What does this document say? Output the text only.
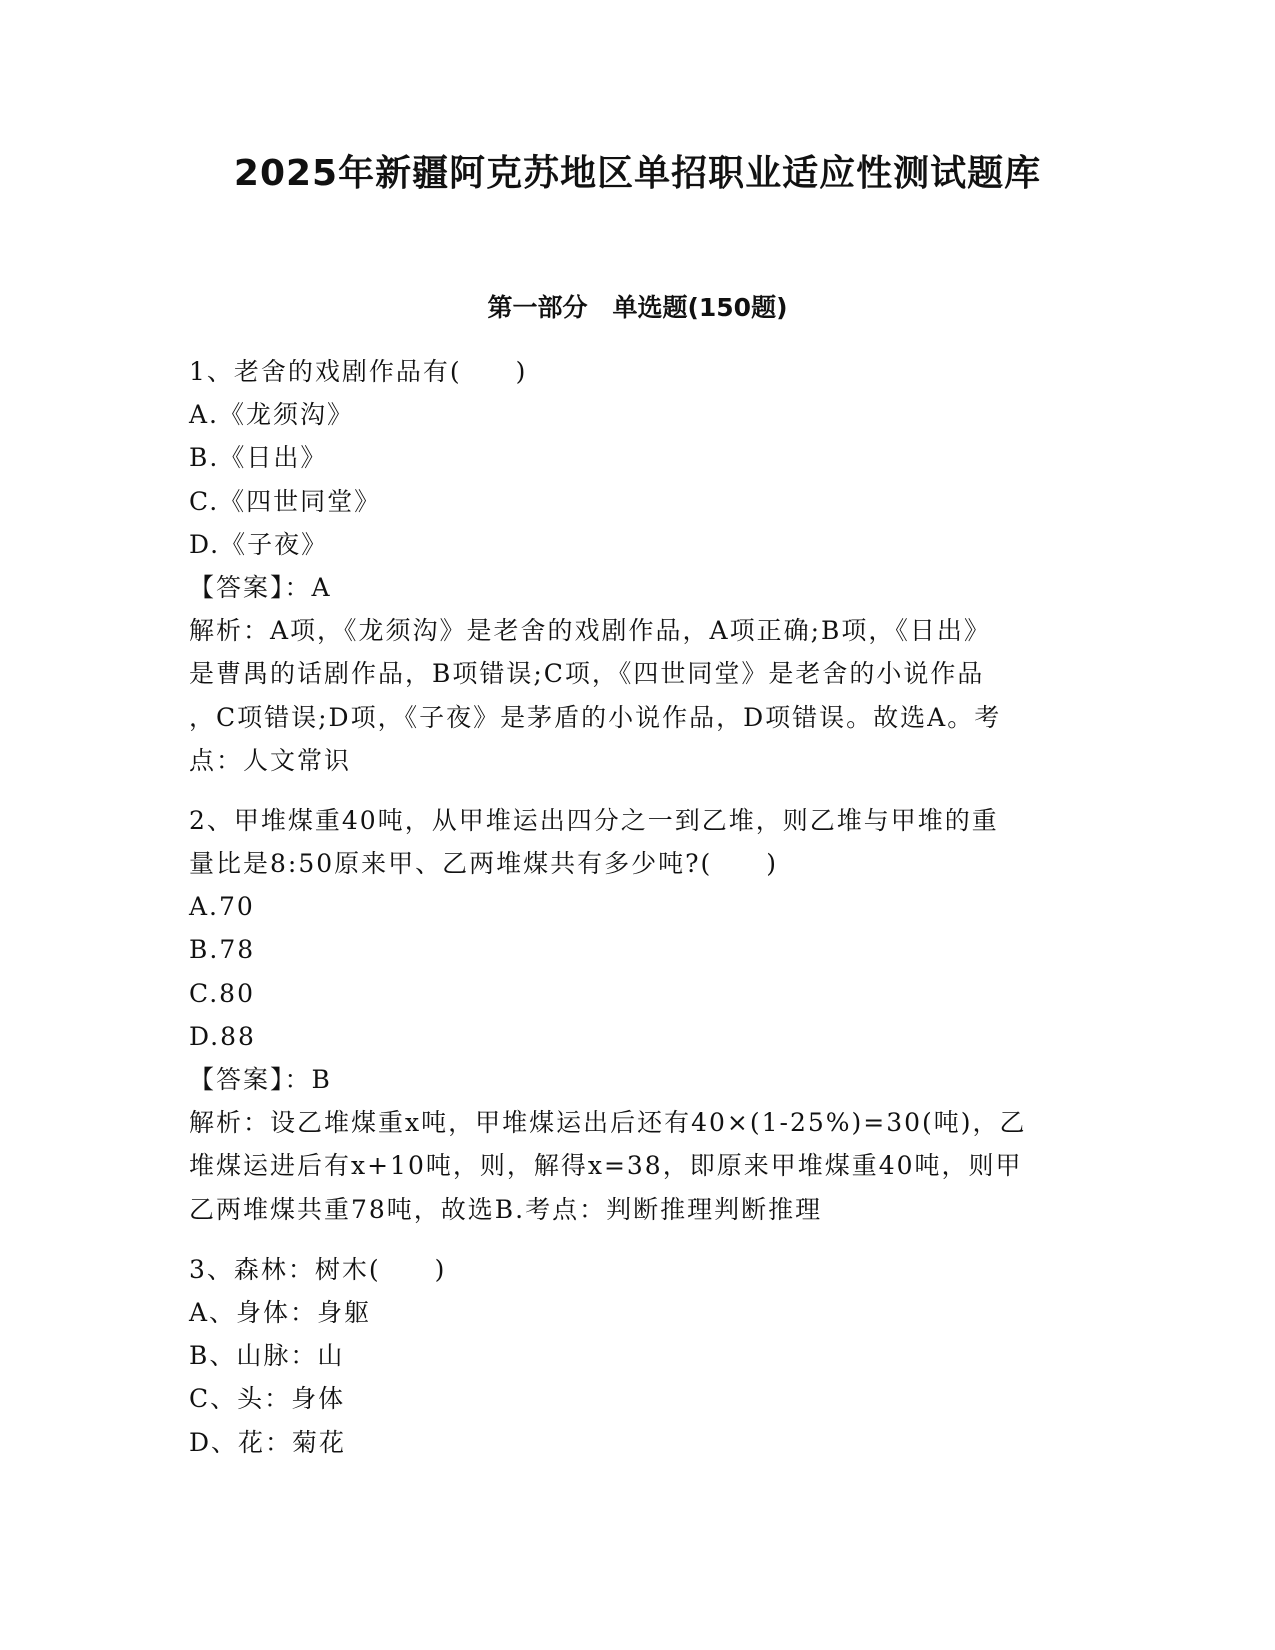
2025年新疆阿克苏地区单招职业适应性测试题库
第一部分　单选题(150题)
1、老舍的戏剧作品有(　　)
A.《龙须沟》
B.《日出》
C.《四世同堂》
D.《子夜》
【答案】：A
解析：A项，《龙须沟》是老舍的戏剧作品，A项正确;B项，《日出》
是曹禺的话剧作品，B项错误;C项，《四世同堂》是老舍的小说作品
，C项错误;D项，《子夜》是茅盾的小说作品，D项错误。故选A。考
点：人文常识
2、甲堆煤重40吨，从甲堆运出四分之一到乙堆，则乙堆与甲堆的重
量比是8:50原来甲、乙两堆煤共有多少吨?(　　)
A.70
B.78
C.80
D.88
【答案】：B
解析：设乙堆煤重x吨，甲堆煤运出后还有40×(1-25%)=30(吨)，乙
堆煤运进后有x+10吨，则，解得x=38，即原来甲堆煤重40吨，则甲
乙两堆煤共重78吨，故选B.考点：判断推理判断推理
3、森林：树木(　　)
A、身体：身躯
B、山脉：山
C、头：身体
D、花：菊花
